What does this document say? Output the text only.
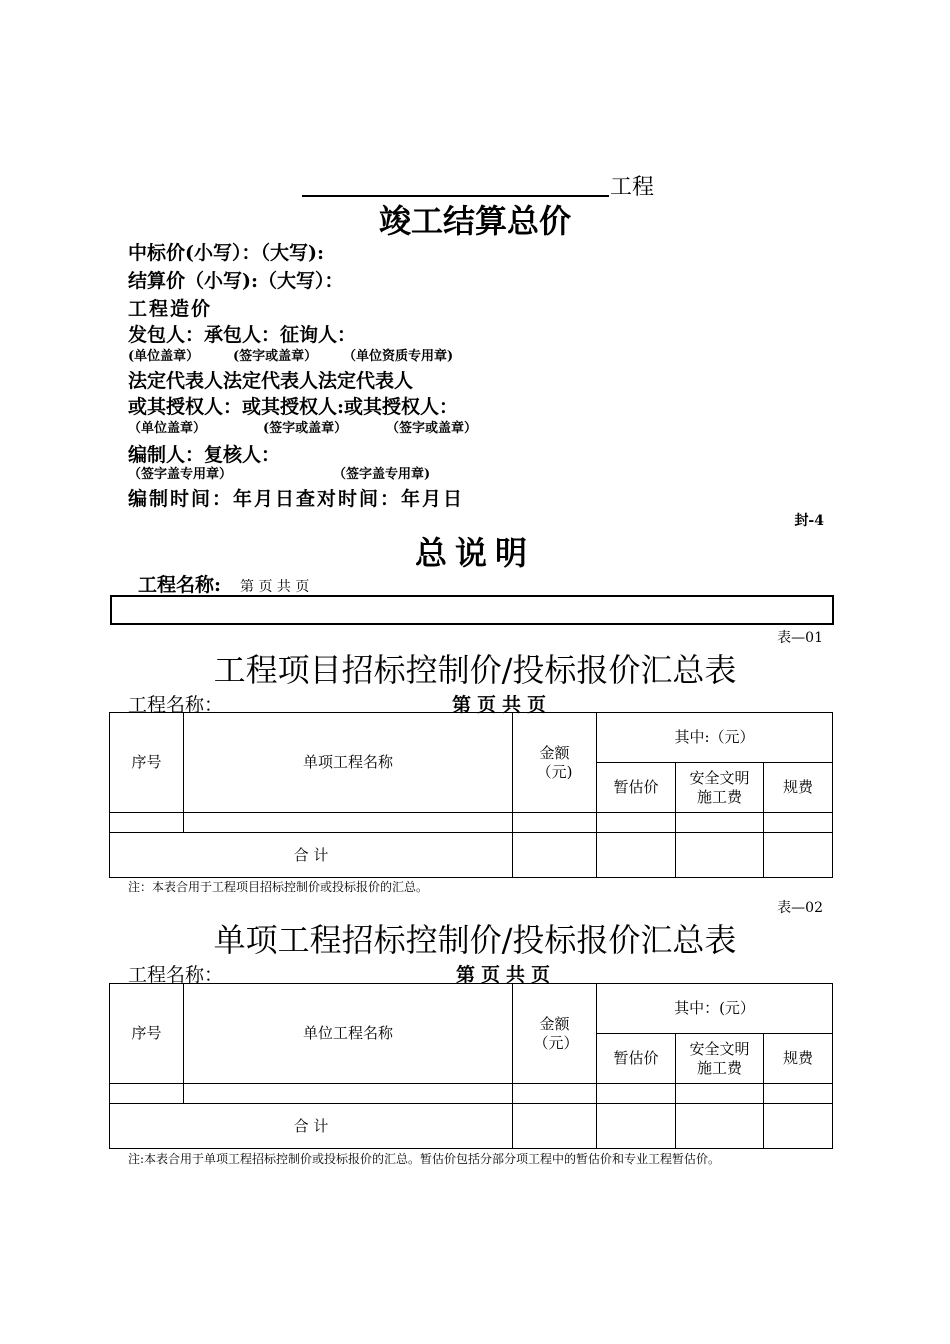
工程
竣工结算总价
中标价(小写）：（大写):
结算价（小写):（大写）：
工程造价
发包人：承包人：征询人：
(单位盖章）	(签字或盖章） （单位资质专用章)
法定代表人法定代表人法定代表人
或其授权人：或其授权人:或其授权人：
（单位盖章）	(签字或盖章）	（签字或盖章）
编制人：复核人：
（签字盖专用章）	（签字盖专用章)
编制时间：年月日查对时间：年月日
封-4
总说明
工程名称: 第 页 共 页
表—01
工程项目招标控制价/投标报价汇总表
工程名称：	第页共页
序号	单项工程名称	金额（元)	其中:（元）		
			暂估价	安全文明施工费	规费

合 计					
注：本表合用于工程项目招标控制价或投标报价的汇总。
表—02
单项工程招标控制价/投标报价汇总表
工程名称：	第页共页
序号	单位工程名称	金额（元）	其中：(元）		
			暂估价	安全文明施工费	规费

合 计					
注:本表合用于单项工程招标控制价或投标报价的汇总。暂估价包括分部分项工程中的暂估价和专业工程暂估价。
